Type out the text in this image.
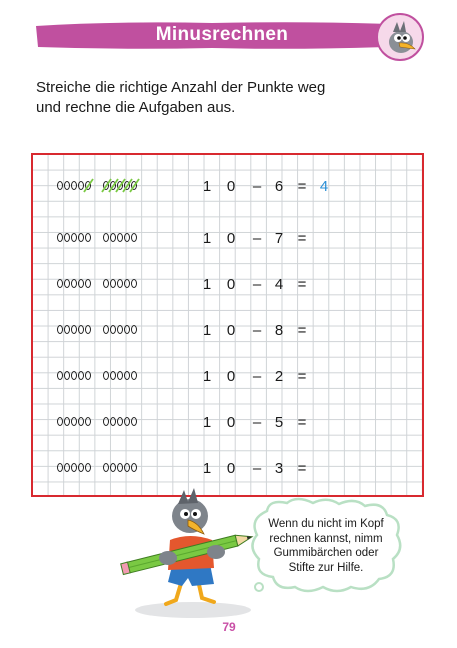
Minusrechnen
Streiche die richtige Anzahl der Punkte weg
und rechne die Aufgaben aus.
1 0 – 6 = 4
1 0 – 7 =
1 0 – 4 =
1 0 – 8 =
1 0 – 2 =
1 0 – 5 =
1 0 – 3 =
Wenn du nicht im Kopf
rechnen kannst, nimm
Gummibärchen oder
Stifte zur Hilfe.
79
